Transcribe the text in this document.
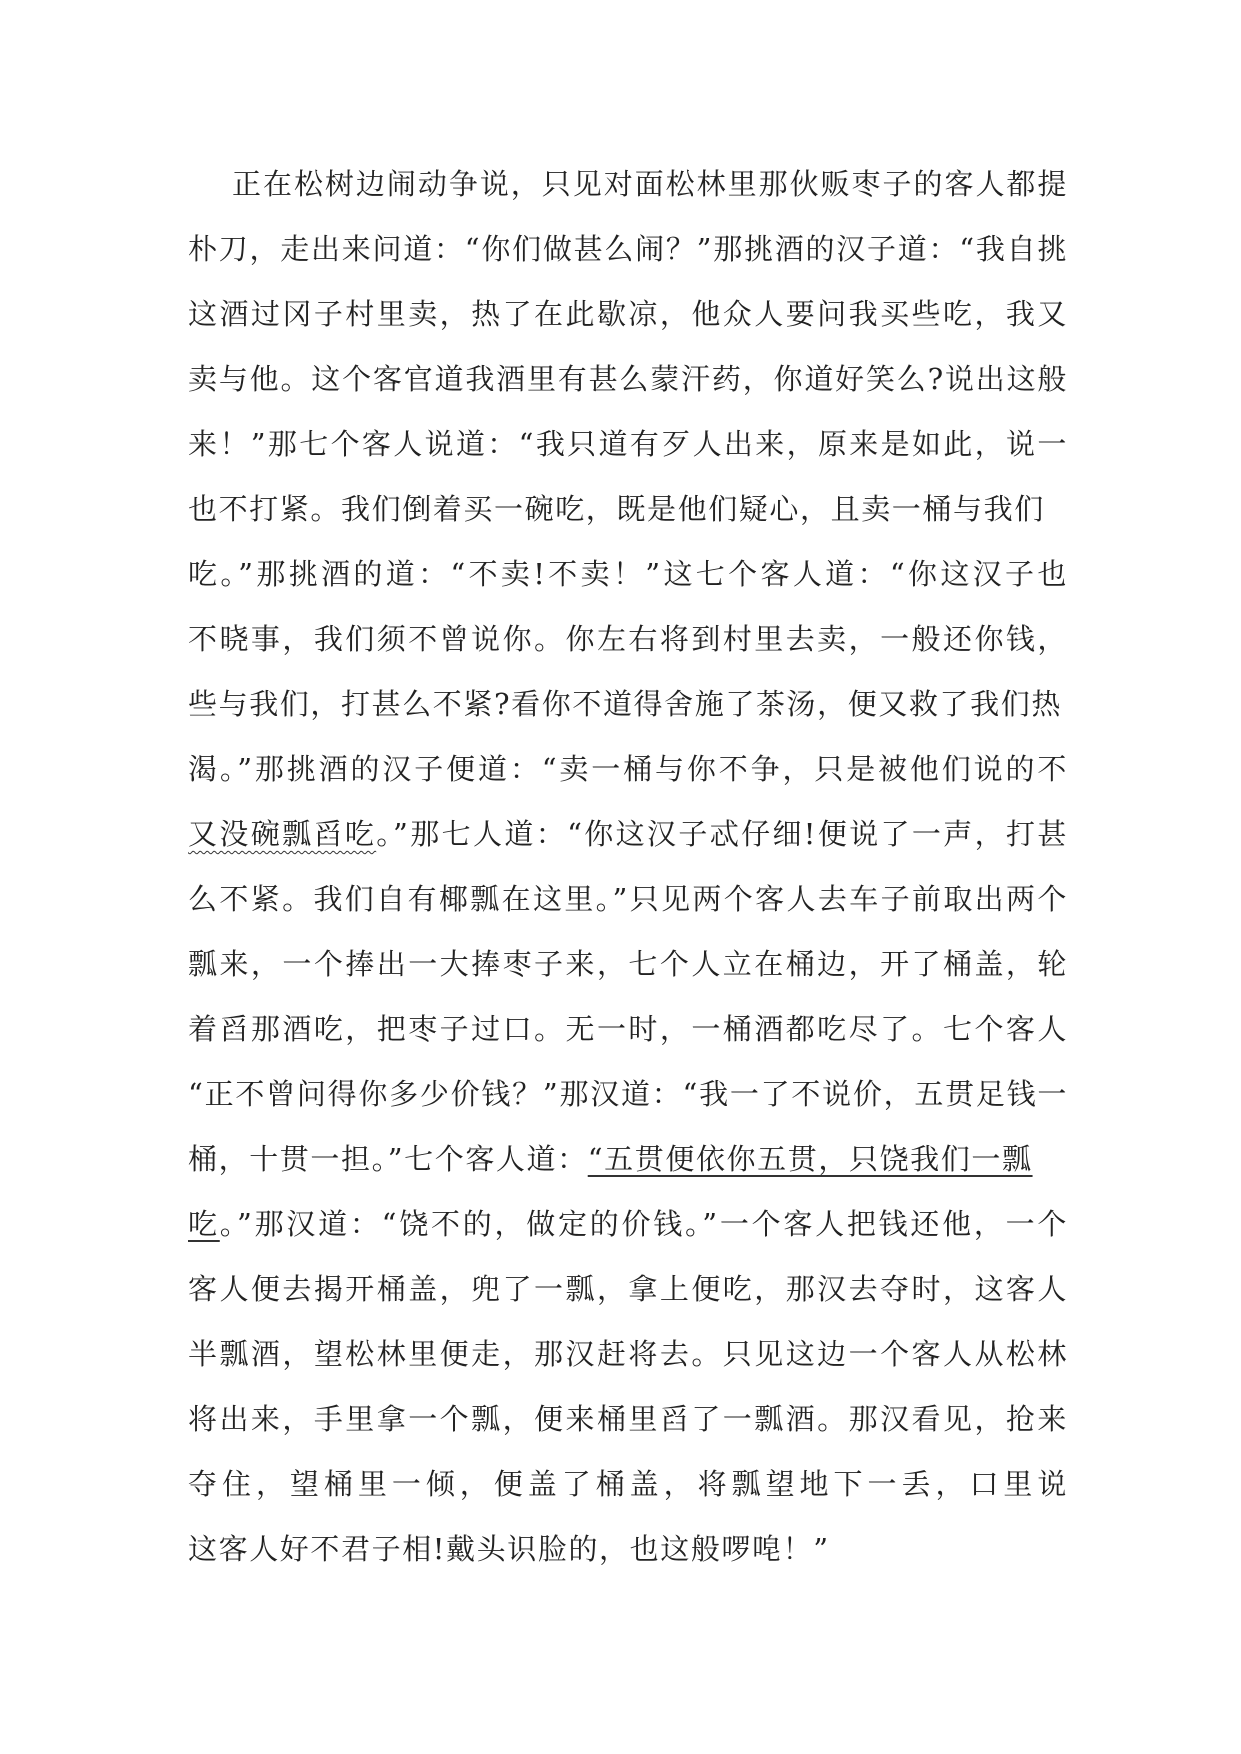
正在松树边闹动争说，只见对面松林里那伙贩枣子的客人都提
朴刀，走出来问道：“你们做甚么闹？”那挑酒的汉子道：“我自挑
这酒过冈子村里卖，热了在此歇凉，他众人要问我买些吃，我又
卖与他。这个客官道我酒里有甚么蒙汗药，你道好笑么?说出这般
来！”那七个客人说道：“我只道有歹人出来，原来是如此，说一
也不打紧。我们倒着买一碗吃，既是他们疑心，且卖一桶与我们
吃。”那挑酒的道：“不卖!不卖！”这七个客人道：“你这汉子也
不晓事，我们须不曾说你。你左右将到村里去卖，一般还你钱，
些与我们，打甚么不紧?看你不道得舍施了茶汤，便又救了我们热
渴。”那挑酒的汉子便道：“卖一桶与你不争，只是被他们说的不
又没碗瓢舀吃。”那七人道：“你这汉子忒仔细!便说了一声，打甚
么不紧。我们自有椰瓢在这里。”只见两个客人去车子前取出两个
瓢来，一个捧出一大捧枣子来，七个人立在桶边，开了桶盖，轮
着舀那酒吃，把枣子过口。无一时，一桶酒都吃尽了。七个客人
“正不曾问得你多少价钱？”那汉道：“我一了不说价，五贯足钱一
桶，十贯一担。”七个客人道：“五贯便依你五贯，只饶我们一瓢
吃。”那汉道：“饶不的，做定的价钱。”一个客人把钱还他，一个
客人便去揭开桶盖，兜了一瓢，拿上便吃，那汉去夺时，这客人
半瓢酒，望松林里便走，那汉赶将去。只见这边一个客人从松林
将出来，手里拿一个瓢，便来桶里舀了一瓢酒。那汉看见，抢来
夺住，望桶里一倾，便盖了桶盖，将瓢望地下一丢，口里说
这客人好不君子相!戴头识脸的，也这般啰唣！”
